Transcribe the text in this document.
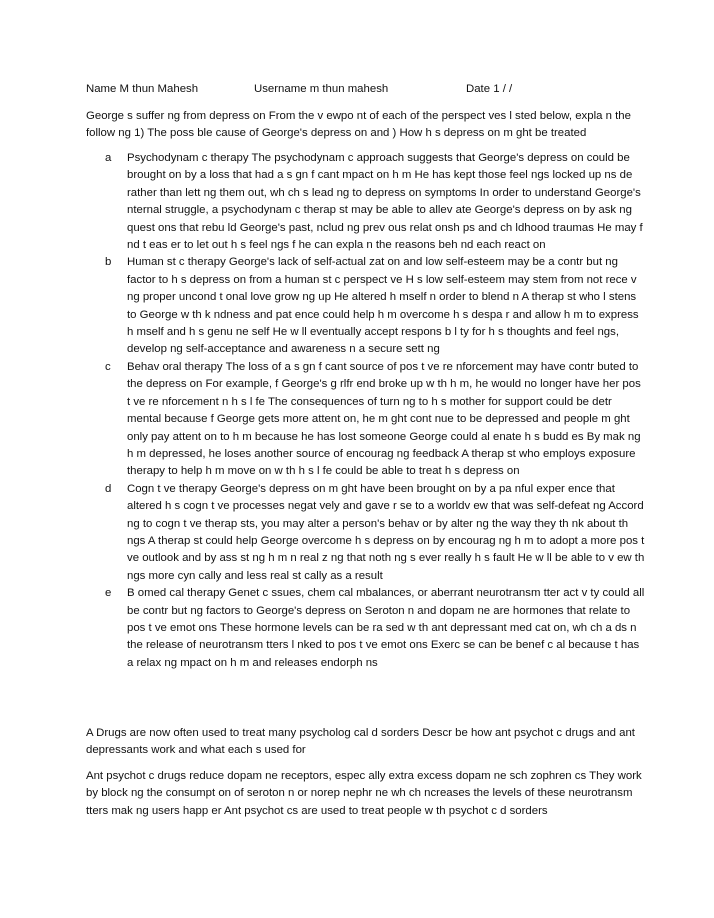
Name M thun Mahesh

	Username m thun mahesh

	Date 1 / /

George s suffer ng from depress on From the v ewpo nt of each of the perspect ves l sted below, expla n the follow ng 1) The poss ble cause of George's depress on and ) How h s depress on m ght be treated

a	Psychodynаm c therapy The psychodynam c approach suggests that George's depress on could be brought on by a loss that had a s gn f cant mpact on h m He has kept those feel ngs locked up ns de rather than lett ng them out, wh ch s lead ng to depress on symptoms In order to understand George's nternal struggle, a psychodynam c therap st may be able to allev ate George's depress on by ask ng quest ons that rebu ld George's past, nclud ng prev ous relat onsh ps and ch ldhood traumas He may f nd t eas er to let out h s feel ngs f he can expla n the reasons beh nd each react on
b	Human st c therapy George's lack of self-actual zat on and low self-esteem may be a contr but ng factor to h s depress on from a human st c perspect ve H s low self-esteem may stem from not rece v ng proper uncond t onal love grow ng up He altered h mself n order to blend n A therap st who l stens to George w th k ndness and pat ence could help h m overcome h s despa r and allow h m to express h mself and h s genu ne self He w ll eventually accept respons b l ty for h s thoughts and feel ngs, develop ng self-acceptance and awareness n a secure sett ng
c	Behav oral therapy The loss of a s gn f cant source of pos t ve re nforcement may have contr buted to the depress on For example, f George's g rlfr end broke up w th h m, he would no longer have her pos t ve re nforcement n h s l fe The consequences of turn ng to h s mother for support could be detr mental because f George gets more attent on, he m ght cont nue to be depressed and people m ght only pay attent on to h m because he has lost someone George could al enate h s budd es By mak ng h m depressed, he loses another source of encourag ng feedback A therap st who employs exposure therapy to help h m move on w th h s l fe could be able to treat h s depress on
d	Cogn t ve therapy George's depress on m ght have been brought on by a pa nful exper ence that altered h s cogn t ve processes negat vely and gave r se to a worldv ew that was self-defeat ng Accord ng to cogn t ve therap sts, you may alter a person's behav or by alter ng the way they th nk about th ngs A therap st could help George overcome h s depress on by encourag ng h m to adopt a more pos t ve outlook and by ass st ng h m n real z ng that noth ng s ever really h s fault He w ll be able to v ew th ngs more cyn cally and less real st cally as a result
e	B omed cal therapy Genet c ssues, chem cal mbalances, or aberrant neurotransm tter act v ty could all be contr but ng factors to George's depress on Seroton n and dopam ne are hormones that relate to pos t ve emot ons These hormone levels can be ra sed w th ant depressant med cat on, wh ch a ds n the release of neurotransm tters l nked to pos t ve emot ons Exerc se can be benef c al because t has a relax ng mpact on h m and releases endorph ns

A Drugs are now often used to treat many psycholog cal d sorders Descr be how ant psychot c drugs and ant depressants work and what each s used for

Ant psychot c drugs reduce dopam ne receptors, espec ally extra excess dopam ne sch zophren cs They work by block ng the consumpt on of seroton n or norep nephr ne wh ch ncreases the levels of these neurotransm tters mak ng users happ er Ant psychot cs are used to treat people w th psychot c d sorders
